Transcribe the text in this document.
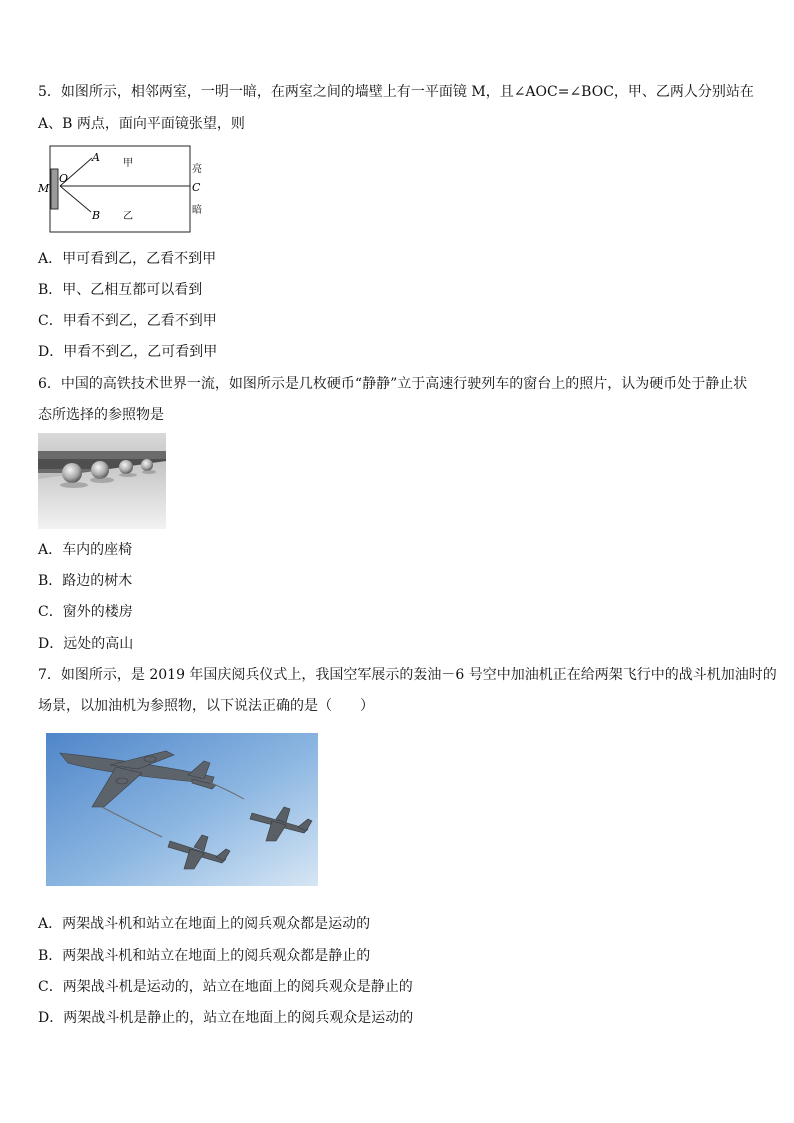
5．如图所示，相邻两室，一明一暗，在两室之间的墙壁上有一平面镜 M，且∠AOC=∠BOC，甲、乙两人分别站在
A、B 两点，面向平面镜张望，则
M
O
A
B
甲
乙
亮
C
暗
A．甲可看到乙，乙看不到甲
B．甲、乙相互都可以看到
C．甲看不到乙，乙看不到甲
D．甲看不到乙，乙可看到甲
6．中国的高铁技术世界一流，如图所示是几枚硬币“静静”立于高速行驶列车的窗台上的照片，认为硬币处于静止状
态所选择的参照物是
A．车内的座椅
B．路边的树木
C．窗外的楼房
D．远处的高山
7．如图所示，是 2019 年国庆阅兵仪式上，我国空军展示的轰油－6 号空中加油机正在给两架飞行中的战斗机加油时的
场景，以加油机为参照物，以下说法正确的是（　　）
A．两架战斗机和站立在地面上的阅兵观众都是运动的
B．两架战斗机和站立在地面上的阅兵观众都是静止的
C．两架战斗机是运动的，站立在地面上的阅兵观众是静止的
D．两架战斗机是静止的，站立在地面上的阅兵观众是运动的
